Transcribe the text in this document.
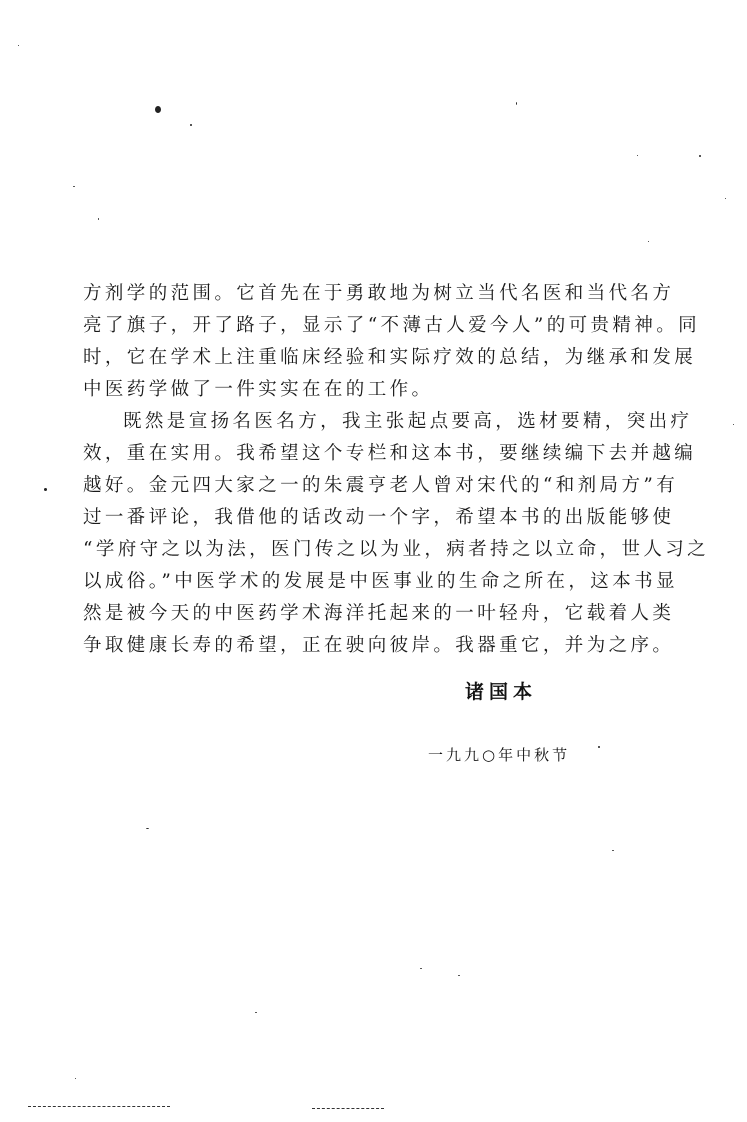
方剂学的范围。它首先在于勇敢地为树立当代名医和当代名方
亮了旗子，开了路子，显示了“不薄古人爱今人”的可贵精神。同
时，它在学术上注重临床经验和实际疗效的总结，为继承和发展
中医药学做了一件实实在在的工作。
既然是宣扬名医名方，我主张起点要高，选材要精，突出疗
效，重在实用。我希望这个专栏和这本书，要继续编下去并越编
越好。金元四大家之一的朱震亨老人曾对宋代的“和剂局方”有
过一番评论，我借他的话改动一个字，希望本书的出版能够使
“学府守之以为法，医门传之以为业，病者持之以立命，世人习之
以成俗。”中医学术的发展是中医事业的生命之所在，这本书显
然是被今天的中医药学术海洋托起来的一叶轻舟，它载着人类
争取健康长寿的希望，正在驶向彼岸。我器重它，并为之序。
诸国本
一九九○年中秋节
